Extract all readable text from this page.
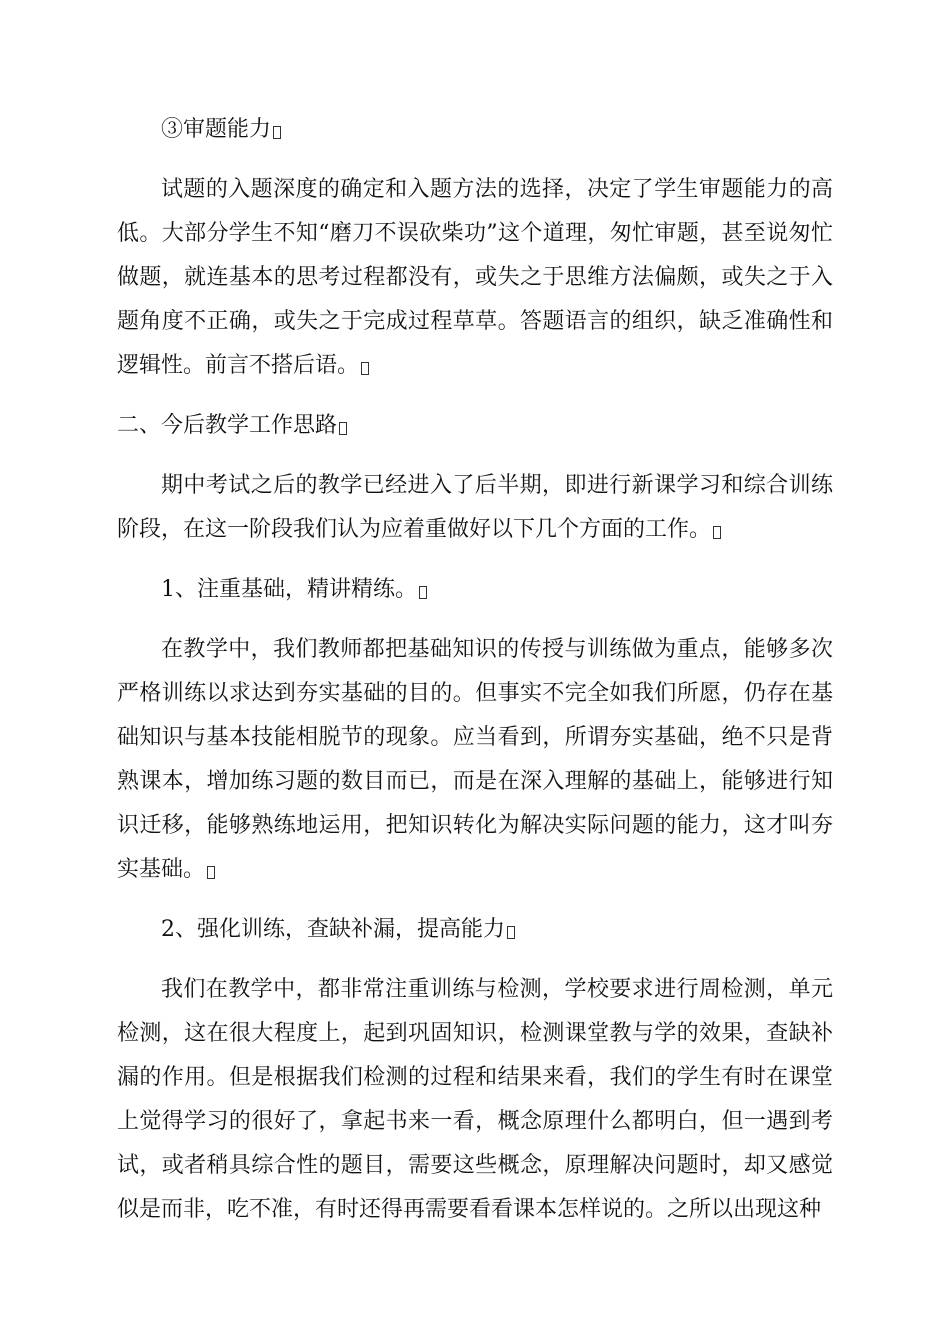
③审题能力

试题的入题深度的确定和入题方法的选择，决定了学生审题能力的高低。大部分学生不知“磨刀不误砍柴功”这个道理，匆忙审题，甚至说匆忙做题，就连基本的思考过程都没有，或失之于思维方法偏颇，或失之于入题角度不正确，或失之于完成过程草草。答题语言的组织，缺乏准确性和逻辑性。前言不搭后语。

二、今后教学工作思路

期中考试之后的教学已经进入了后半期，即进行新课学习和综合训练阶段，在这一阶段我们认为应着重做好以下几个方面的工作。

1、注重基础，精讲精练。

在教学中，我们教师都把基础知识的传授与训练做为重点，能够多次严格训练以求达到夯实基础的目的。但事实不完全如我们所愿，仍存在基础知识与基本技能相脱节的现象。应当看到，所谓夯实基础，绝不只是背熟课本，增加练习题的数目而已，而是在深入理解的基础上，能够进行知识迁移，能够熟练地运用，把知识转化为解决实际问题的能力，这才叫夯实基础。

2、强化训练，查缺补漏，提高能力

我们在教学中，都非常注重训练与检测，学校要求进行周检测，单元检测，这在很大程度上，起到巩固知识，检测课堂教与学的效果，查缺补漏的作用。但是根据我们检测的过程和结果来看，我们的学生有时在课堂上觉得学习的很好了，拿起书来一看，概念原理什么都明白，但一遇到考试，或者稍具综合性的题目，需要这些概念，原理解决问题时，却又感觉似是而非，吃不准，有时还得再需要看看课本怎样说的。之所以出现这种
